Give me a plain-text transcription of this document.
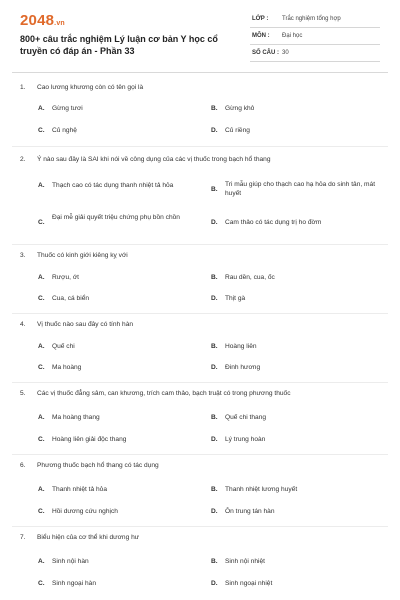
2048.vn
800+ câu trắc nghiệm Lý luận cơ bản Y học cổ truyền có đáp án - Phần 33
LỚP : Trắc nghiệm tổng hợp
MÔN : Đại học
SỐ CÂU : 30
1. Cao lương khương còn có tên gọi là
A. Gừng tươi	B. Gừng khô
C. Củ nghệ	D. Củ riềng
2. Ý nào sau đây là SAI khi nói về công dụng của các vị thuốc trong bạch hổ thang
A. Thạch cao có tác dụng thanh nhiệt tả hỏa
B.
Tri mẫu giúp cho thạch cao hạ hỏa do sinh tân, mát huyết
C.
Đại mễ giải quyết triệu chứng phụ bồn chồn
D. Cam thảo có tác dụng trị ho đờm
3. Thuốc có kinh giới kiêng kỵ với
A. Rượu, ớt	B. Rau dền, cua, ốc
C. Cua, cá biển	D. Thịt gà
4. Vị thuốc nào sau đây có tính hàn
A. Quế chi	B. Hoàng liên
C. Ma hoàng	D. Đinh hương
5. Các vị thuốc đẳng sâm, can khương, trích cam thảo, bạch truật có trong phương thuốc
A. Ma hoàng thang	B. Quế chi thang
C. Hoàng liên giải độc thang	D. Lý trung hoàn
6. Phương thuốc bạch hổ thang có tác dụng
A. Thanh nhiệt tả hỏa	B. Thanh nhiệt lương huyết
C. Hồi dương cứu nghịch	D. Ôn trung tán hàn
7. Biểu hiện của cơ thể khi dương hư
A. Sinh nội hàn	B. Sinh nội nhiệt
C. Sinh ngoại hàn	D. Sinh ngoại nhiệt
